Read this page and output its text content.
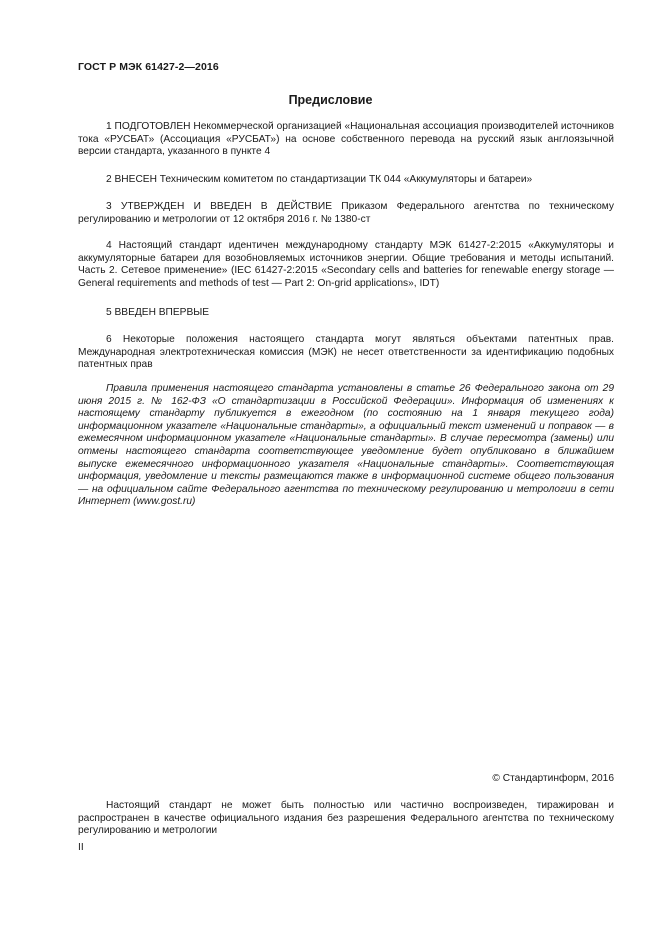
ГОСТ Р МЭК 61427-2—2016
Предисловие
1 ПОДГОТОВЛЕН Некоммерческой организацией «Национальная ассоциация производителей источников тока «РУСБАТ» (Ассоциация «РУСБАТ») на основе собственного перевода на русский язык англоязычной версии стандарта, указанного в пункте 4
2 ВНЕСЕН Техническим комитетом по стандартизации ТК 044 «Аккумуляторы и батареи»
3 УТВЕРЖДЕН И ВВЕДЕН В ДЕЙСТВИЕ Приказом Федерального агентства по техническому регулированию и метрологии от 12 октября 2016 г. № 1380-ст
4 Настоящий стандарт идентичен международному стандарту МЭК 61427-2:2015 «Аккумуляторы и аккумуляторные батареи для возобновляемых источников энергии. Общие требования и методы испытаний. Часть 2. Сетевое применение» (IEC 61427-2:2015 «Secondary cells and batteries for renewable energy storage — General requirements and methods of test — Part 2: On-grid applications», IDT)
5 ВВЕДЕН ВПЕРВЫЕ
6 Некоторые положения настоящего стандарта могут являться объектами патентных прав. Международная электротехническая комиссия (МЭК) не несет ответственности за идентификацию подобных патентных прав
Правила применения настоящего стандарта установлены в статье 26 Федерального закона от 29 июня 2015 г. № 162-ФЗ «О стандартизации в Российской Федерации». Информация об изменениях к настоящему стандарту публикуется в ежегодном (по состоянию на 1 января текущего года) информационном указателе «Национальные стандарты», а официальный текст изменений и поправок — в ежемесячном информационном указателе «Национальные стандарты». В случае пересмотра (замены) или отмены настоящего стандарта соответствующее уведомление будет опубликовано в ближайшем выпуске ежемесячного информационного указателя «Национальные стандарты». Соответствующая информация, уведомление и тексты размещаются также в информационной системе общего пользования — на официальном сайте Федерального агентства по техническому регулированию и метрологии в сети Интернет (www.gost.ru)
© Стандартинформ, 2016
Настоящий стандарт не может быть полностью или частично воспроизведен, тиражирован и распространен в качестве официального издания без разрешения Федерального агентства по техническому регулированию и метрологии
II
